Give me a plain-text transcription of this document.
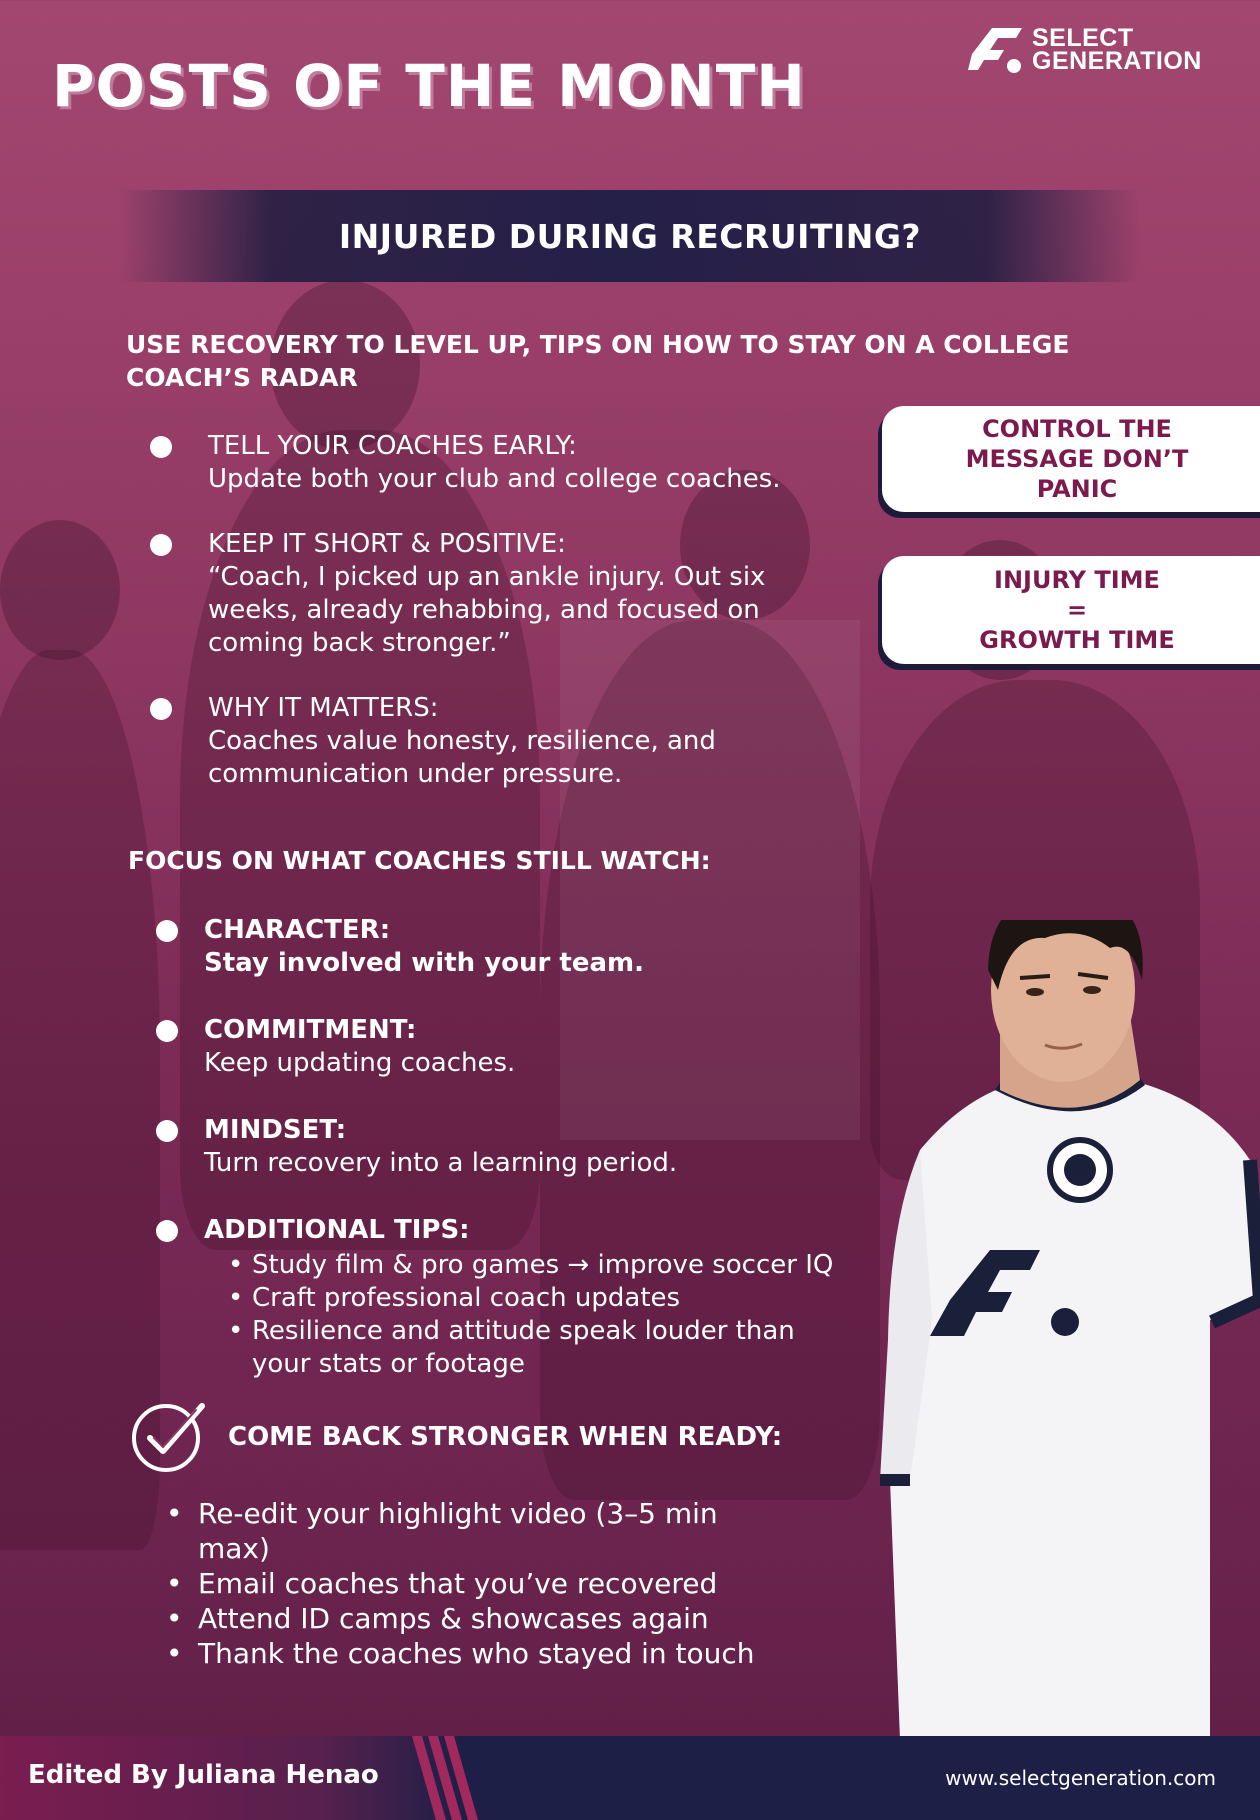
POSTS OF THE MONTH
SELECT
GENERATION
INJURED DURING RECRUITING?
USE RECOVERY TO LEVEL UP, TIPS ON HOW TO STAY ON A COLLEGE COACH’S RADAR
TELL YOUR COACHES EARLY:
Update both your club and college coaches.
KEEP IT SHORT & POSITIVE:
“Coach, I picked up an ankle injury. Out six weeks, already rehabbing, and focused on coming back stronger.”
WHY IT MATTERS:
Coaches value honesty, resilience, and communication under pressure.
CONTROL THE
MESSAGE DON’T
PANIC
INJURY TIME
=
GROWTH TIME
FOCUS ON WHAT COACHES STILL WATCH:
CHARACTER:
Stay involved with your team.
COMMITMENT:
Keep updating coaches.
MINDSET:
Turn recovery into a learning period.
ADDITIONAL TIPS:
• Study film & pro games → improve soccer IQ
• Craft professional coach updates
• Resilience and attitude speak louder than your stats or footage
COME BACK STRONGER WHEN READY:
• Re-edit your highlight video (3–5 min max)
• Email coaches that you’ve recovered
• Attend ID camps & showcases again
• Thank the coaches who stayed in touch
Edited By Juliana Henao	www.selectgeneration.com
